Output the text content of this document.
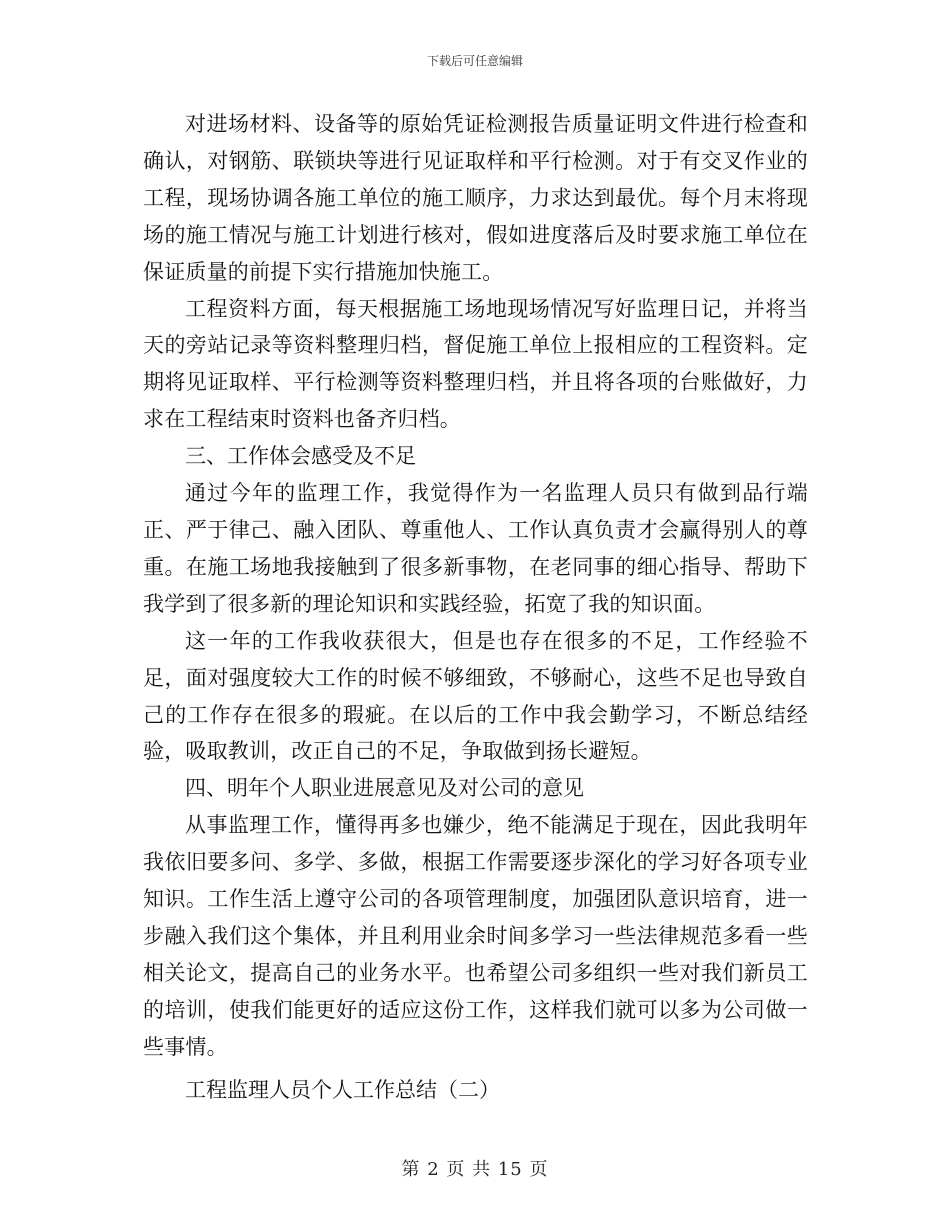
下载后可任意编辑

对进场材料、设备等的原始凭证检测报告质量证明文件进行检查和确认，对钢筋、联锁块等进行见证取样和平行检测。对于有交叉作业的工程，现场协调各施工单位的施工顺序，力求达到最优。每个月末将现场的施工情况与施工计划进行核对，假如进度落后及时要求施工单位在保证质量的前提下实行措施加快施工。

工程资料方面，每天根据施工场地现场情况写好监理日记，并将当天的旁站记录等资料整理归档，督促施工单位上报相应的工程资料。定期将见证取样、平行检测等资料整理归档，并且将各项的台账做好，力求在工程结束时资料也备齐归档。

三、工作体会感受及不足

通过今年的监理工作，我觉得作为一名监理人员只有做到品行端正、严于律己、融入团队、尊重他人、工作认真负责才会赢得别人的尊重。在施工场地我接触到了很多新事物，在老同事的细心指导、帮助下我学到了很多新的理论知识和实践经验，拓宽了我的知识面。

这一年的工作我收获很大，但是也存在很多的不足，工作经验不足，面对强度较大工作的时候不够细致，不够耐心，这些不足也导致自己的工作存在很多的瑕疵。在以后的工作中我会勤学习，不断总结经验，吸取教训，改正自己的不足，争取做到扬长避短。

四、明年个人职业进展意见及对公司的意见

从事监理工作，懂得再多也嫌少，绝不能满足于现在，因此我明年我依旧要多问、多学、多做，根据工作需要逐步深化的学习好各项专业知识。工作生活上遵守公司的各项管理制度，加强团队意识培育，进一步融入我们这个集体，并且利用业余时间多学习一些法律规范多看一些相关论文，提高自己的业务水平。也希望公司多组织一些对我们新员工的培训，使我们能更好的适应这份工作，这样我们就可以多为公司做一些事情。

工程监理人员个人工作总结（二）

第 2 页 共 15 页
